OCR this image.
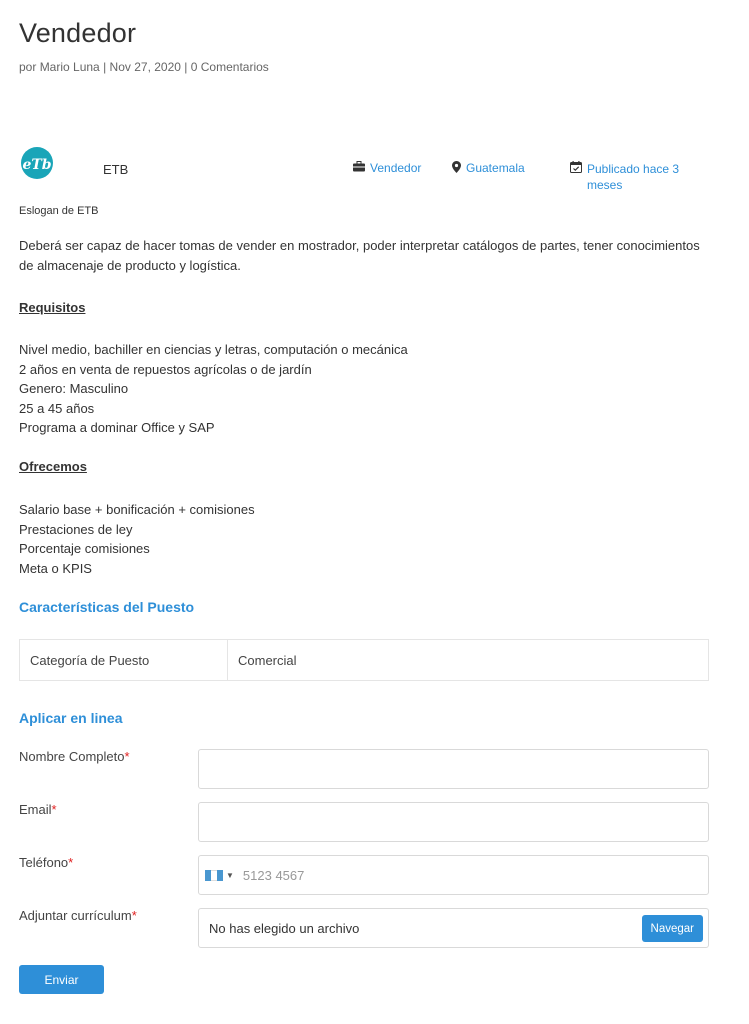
Vendedor
por Mario Luna | Nov 27, 2020 | 0 Comentarios
eTb	ETB	Vendedor	Guatemala	Publicado hace 3 meses
Eslogan de ETB

Deberá ser capaz de hacer tomas de vender en mostrador, poder interpretar catálogos de partes, tener conocimientos de almacenaje de producto y logística.

Requisitos
Nivel medio, bachiller en ciencias y letras, computación o mecánica
2 años en venta de repuestos agrícolas o de jardín
Genero: Masculino
25 a 45 años
Programa a dominar Office y SAP
Ofrecemos
Salario base + bonificación + comisiones
Prestaciones de ley
Porcentaje comisiones
Meta o KPIS
Características del Puesto
Categoría de Puesto	Comercial
Aplicar en linea
Nombre Completo*
Email*
Teléfono*
▼
5123 4567
Adjuntar currículum*
No has elegido un archivo	Navegar
Enviar
